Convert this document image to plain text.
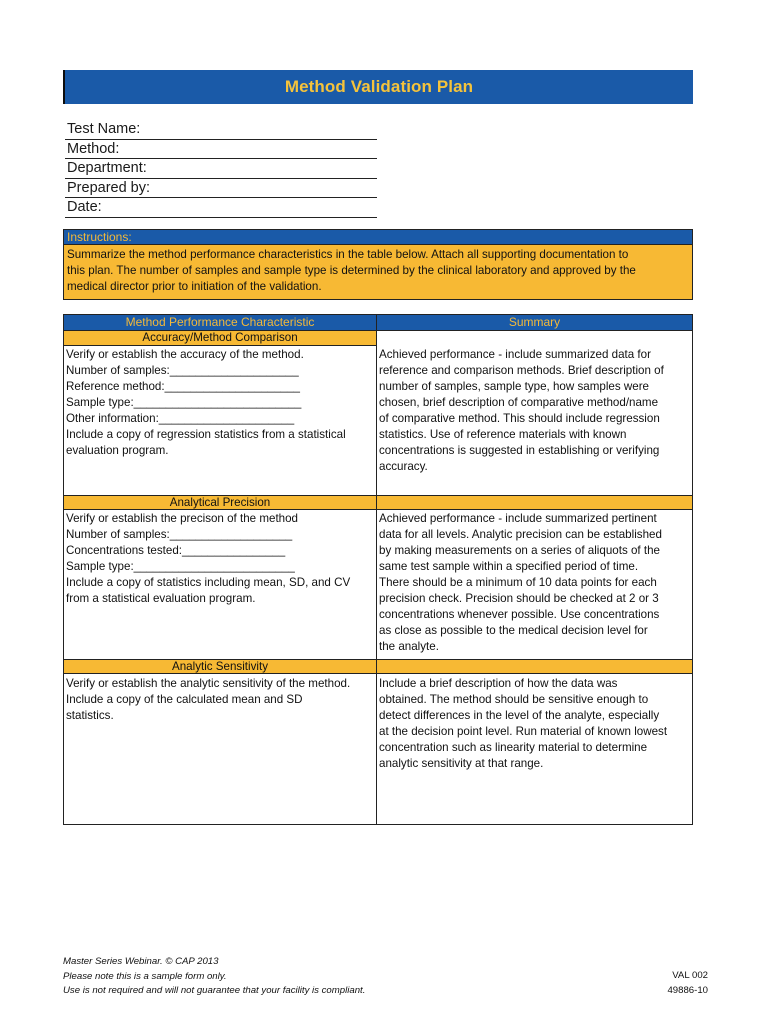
Method Validation Plan
Test Name:
Method:
Department:
Prepared by:
Date:
Instructions:
Summarize the method performance characteristics in the table below. Attach all supporting documentation to
this plan. The number of samples and sample type is determined by the clinical laboratory and approved by the
medical director prior to initiation of the validation.
Method Performance Characteristic	Summary
Accuracy/Method Comparison
Verify or establish the accuracy of the method.
Number of samples:____________________
Reference method:_____________________
Sample type:__________________________
Other information:_____________________
Include a copy of regression statistics from a statistical
evaluation program.
Achieved performance - include summarized data for
reference and comparison methods. Brief description of
number of samples, sample type, how samples were
chosen, brief description of comparative method/name
of comparative method. This should include regression
statistics. Use of reference materials with known
concentrations is suggested in establishing or verifying
accuracy.
Analytical Precision
Verify or establish the precison of the method
Number of samples:___________________
Concentrations tested:________________
Sample type:_________________________
Include a copy of statistics including mean, SD, and CV
from a statistical evaluation program.
Achieved performance - include summarized pertinent
data for all levels. Analytic precision can be established
by making measurements on a series of aliquots of the
same test sample within a specified period of time.
There should be a minimum of 10 data points for each
precision check. Precision should be checked at 2 or 3
concentrations whenever possible. Use concentrations
as close as possible to the medical decision level for
the analyte.
Analytic Sensitivity
Verify or establish the analytic sensitivity of the method.
Include a copy of the calculated mean and SD
statistics.
Include a brief description of how the data was
obtained. The method should be sensitive enough to
detect differences in the level of the analyte, especially
at the decision point level. Run material of known lowest
concentration such as linearity material to determine
analytic sensitivity at that range.
Master Series Webinar. © CAP 2013
Please note this is a sample form only.
Use is not required and will not guarantee that your facility is compliant.
VAL 002
49886-10
